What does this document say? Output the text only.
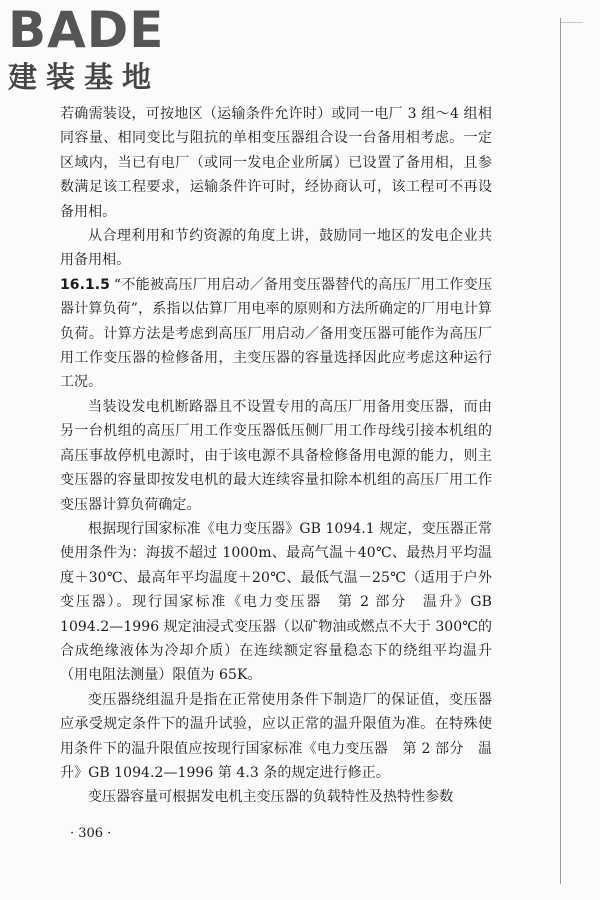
BADE
建装基地

若确需装设，可按地区（运输条件允许时）或同一电厂 3 组～4 组相同容量、相同变比与阻抗的单相变压器组合设一台备用相考虑。一定区域内，当已有电厂（或同一发电企业所属）已设置了备用相，且参数满足该工程要求，运输条件许可时，经协商认可，该工程可不再设备用相。

从合理利用和节约资源的角度上讲，鼓励同一地区的发电企业共用备用相。

16.1.5 “不能被高压厂用启动／备用变压器替代的高压厂用工作变压器计算负荷”，系指以估算厂用电率的原则和方法所确定的厂用电计算负荷。计算方法是考虑到高压厂用启动／备用变压器可能作为高压厂用工作变压器的检修备用，主变压器的容量选择因此应考虑这种运行工况。

当装设发电机断路器且不设置专用的高压厂用备用变压器，而由另一台机组的高压厂用工作变压器低压侧厂用工作母线引接本机组的高压事故停机电源时，由于该电源不具备检修备用电源的能力，则主变压器的容量即按发电机的最大连续容量扣除本机组的高压厂用工作变压器计算负荷确定。

根据现行国家标准《电力变压器》GB 1094.1 规定，变压器正常使用条件为：海拔不超过 1000m、最高气温＋40℃、最热月平均温度＋30℃、最高年平均温度＋20℃、最低气温－25℃（适用于户外变压器）。现行国家标准《电力变压器　第 2 部分　温升》GB 1094.2—1996 规定油浸式变压器（以矿物油或燃点不大于 300℃的合成绝缘液体为冷却介质）在连续额定容量稳态下的绕组平均温升（用电阻法测量）限值为 65K。

变压器绕组温升是指在正常使用条件下制造厂的保证值，变压器应承受规定条件下的温升试验，应以正常的温升限值为准。在特殊使用条件下的温升限值应按现行国家标准《电力变压器　第 2 部分　温升》GB 1094.2—1996 第 4.3 条的规定进行修正。

变压器容量可根据发电机主变压器的负载特性及热特性参数

· 306 ·
